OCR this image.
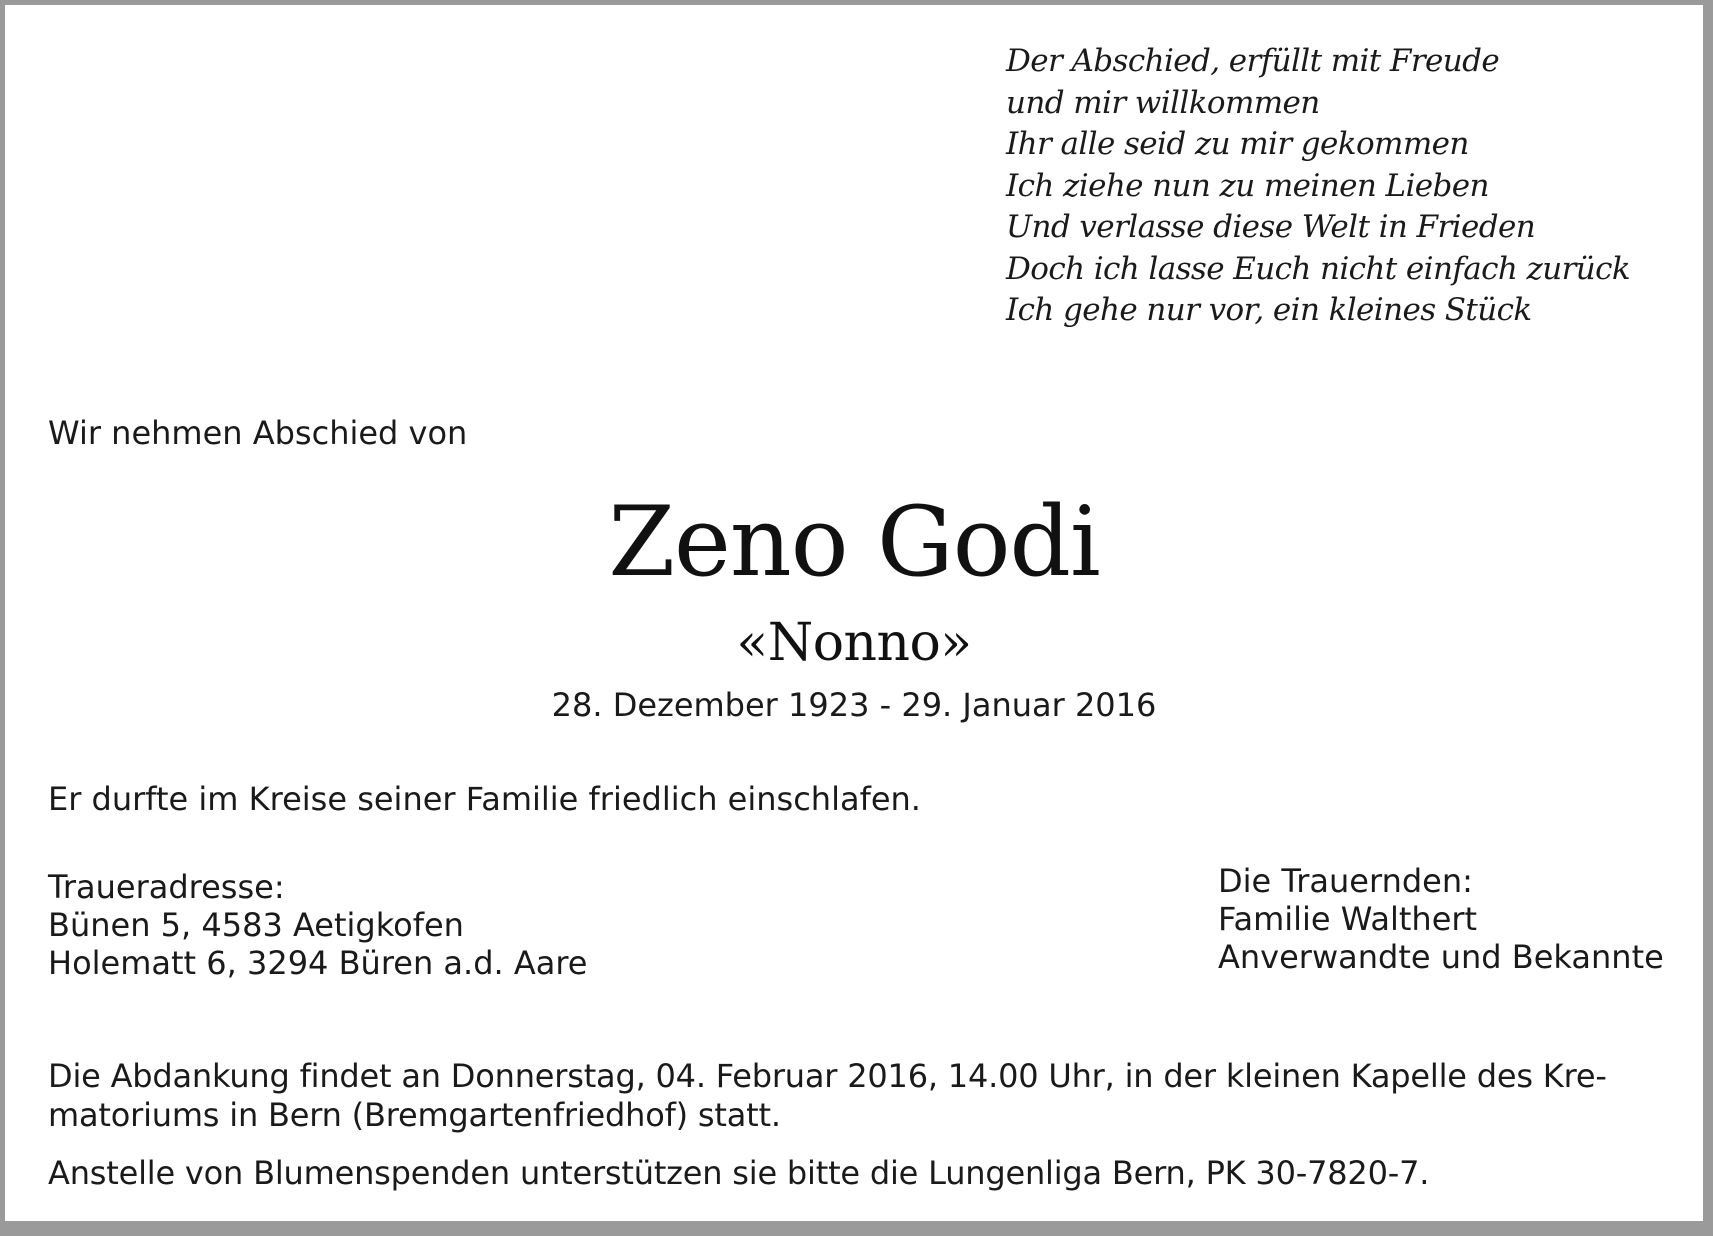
Der Abschied, erfüllt mit Freude
und mir willkommen
Ihr alle seid zu mir gekommen
Ich ziehe nun zu meinen Lieben
Und verlasse diese Welt in Frieden
Doch ich lasse Euch nicht einfach zurück
Ich gehe nur vor, ein kleines Stück
Wir nehmen Abschied von
Zeno Godi
«Nonno»
28. Dezember 1923 - 29. Januar 2016
Er durfte im Kreise seiner Familie friedlich einschlafen.
Traueradresse:
Bünen 5, 4583 Aetigkofen
Holematt 6, 3294 Büren a.d. Aare
Die Trauernden:
Familie Walthert
Anverwandte und Bekannte
Die Abdankung findet an Donnerstag, 04. Februar 2016, 14.00 Uhr, in der kleinen Kapelle des Kre-
matoriums in Bern (Bremgartenfriedhof) statt.
Anstelle von Blumenspenden unterstützen sie bitte die Lungenliga Bern, PK 30-7820-7.
